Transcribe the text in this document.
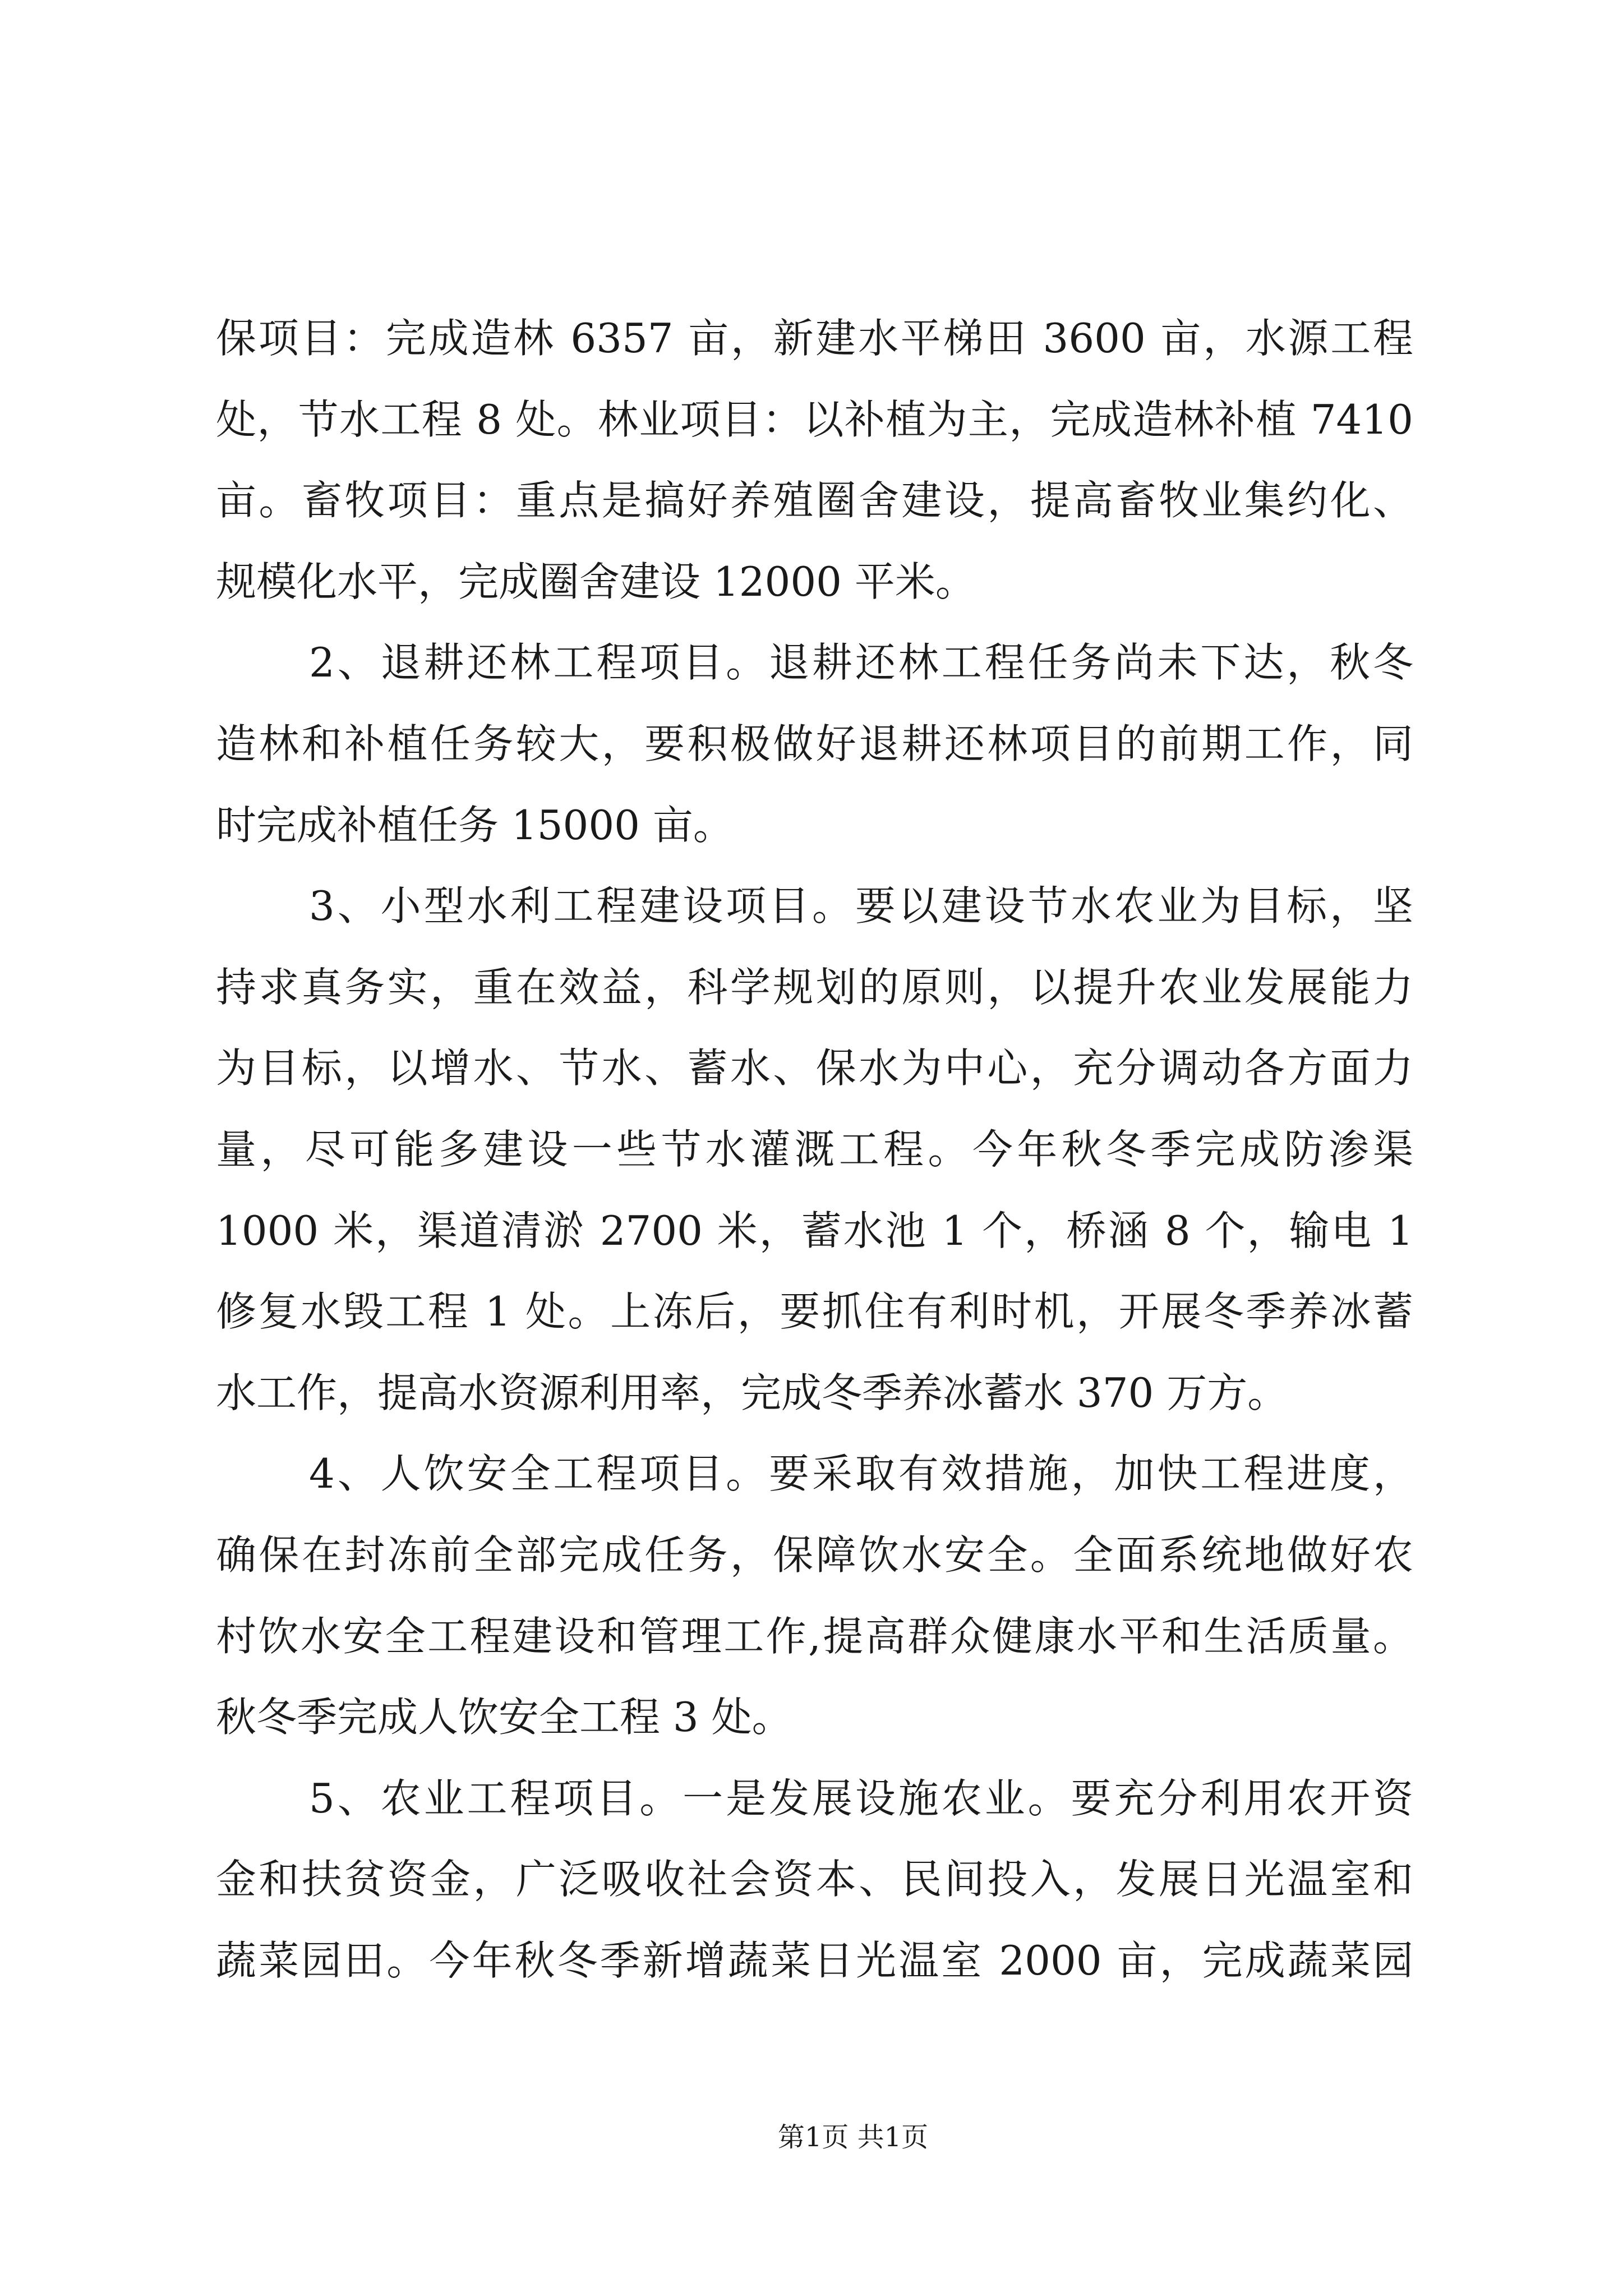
保项目：完成造林 6357 亩，新建水平梯田 3600 亩，水源工程
处，节水工程 8 处。林业项目：以补植为主，完成造林补植 7410
亩。畜牧项目：重点是搞好养殖圈舍建设，提高畜牧业集约化、
规模化水平，完成圈舍建设 12000 平米。
2、退耕还林工程项目。退耕还林工程任务尚未下达，秋冬
造林和补植任务较大，要积极做好退耕还林项目的前期工作，同
时完成补植任务 15000 亩。
3、小型水利工程建设项目。要以建设节水农业为目标，坚
持求真务实，重在效益，科学规划的原则，以提升农业发展能力
为目标，以增水、节水、蓄水、保水为中心，充分调动各方面力
量，尽可能多建设一些节水灌溉工程。今年秋冬季完成防渗渠
1000 米，渠道清淤 2700 米，蓄水池 1 个，桥涵 8 个，输电 1
修复水毁工程 1 处。上冻后，要抓住有利时机，开展冬季养冰蓄
水工作，提高水资源利用率，完成冬季养冰蓄水 370 万方。
4、人饮安全工程项目。要采取有效措施，加快工程进度，
确保在封冻前全部完成任务，保障饮水安全。全面系统地做好农
村饮水安全工程建设和管理工作,提高群众健康水平和生活质量。
秋冬季完成人饮安全工程 3 处。
5、农业工程项目。一是发展设施农业。要充分利用农开资
金和扶贫资金，广泛吸收社会资本、民间投入，发展日光温室和
蔬菜园田。今年秋冬季新增蔬菜日光温室 2000 亩，完成蔬菜园
第1页 共1页
